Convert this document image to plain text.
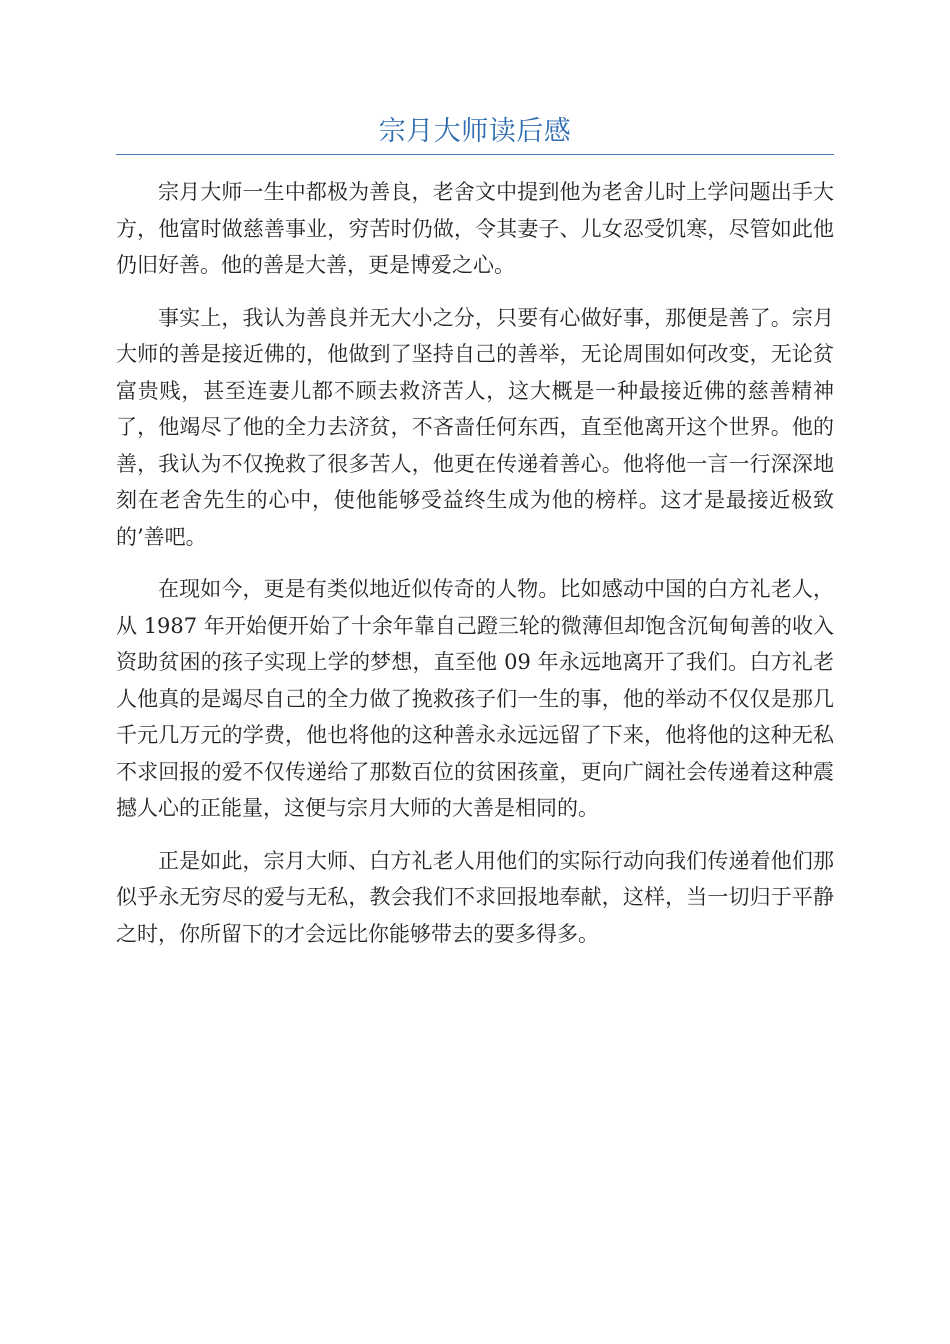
宗月大师读后感

宗月大师一生中都极为善良，老舍文中提到他为老舍儿时上学问题出手大方，他富时做慈善事业，穷苦时仍做，令其妻子、儿女忍受饥寒，尽管如此他仍旧好善。他的善是大善，更是博爱之心。

事实上，我认为善良并无大小之分，只要有心做好事，那便是善了。宗月大师的善是接近佛的，他做到了坚持自己的善举，无论周围如何改变，无论贫富贵贱，甚至连妻儿都不顾去救济苦人，这大概是一种最接近佛的慈善精神了，他竭尽了他的全力去济贫，不吝啬任何东西，直至他离开这个世界。他的善，我认为不仅挽救了很多苦人，他更在传递着善心。他将他一言一行深深地刻在老舍先生的心中，使他能够受益终生成为他的榜样。这才是最接近极致的’善吧。

在现如今，更是有类似地近似传奇的人物。比如感动中国的白方礼老人，从 1987 年开始便开始了十余年靠自己蹬三轮的微薄但却饱含沉甸甸善的收入资助贫困的孩子实现上学的梦想，直至他 09 年永远地离开了我们。白方礼老人他真的是竭尽自己的全力做了挽救孩子们一生的事，他的举动不仅仅是那几千元几万元的学费，他也将他的这种善永永远远留了下来，他将他的这种无私不求回报的爱不仅传递给了那数百位的贫困孩童，更向广阔社会传递着这种震撼人心的正能量，这便与宗月大师的大善是相同的。

正是如此，宗月大师、白方礼老人用他们的实际行动向我们传递着他们那似乎永无穷尽的爱与无私，教会我们不求回报地奉献，这样，当一切归于平静之时，你所留下的才会远比你能够带去的要多得多。
